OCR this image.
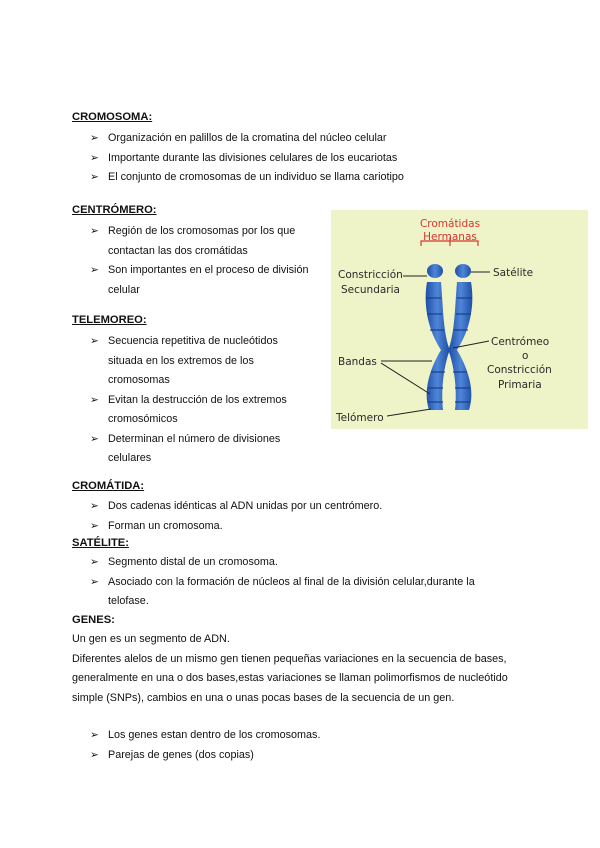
CROMOSOMA:
➢ Organización en palillos de la cromatina del núcleo celular
➢ Importante durante las divisiones celulares de los eucariotas
➢ El conjunto de cromosomas de un individuo se llama cariotipo
CENTRÓMERO:
➢ Región de los cromosomas por los que contactan las dos cromátidas
➢ Son importantes en el proceso de división celular
TELEMOREO:
➢ Secuencia repetitiva de nucleótidos situada en los extremos de los cromosomas
➢ Evitan la destrucción de los extremos cromosómicos
➢ Determinan el número de divisiones celulares
CROMÁTIDA:
➢ Dos cadenas idénticas al ADN unidas por un centrómero.
➢ Forman un cromosoma.
SATÉLITE:
➢ Segmento distal de un cromosoma.
➢ Asociado con la formación de núcleos al final de la división celular,durante la telofase.
GENES:
Un gen es un segmento de ADN.
Diferentes alelos de un mismo gen tienen pequeñas variaciones en la secuencia de bases, generalmente en una o dos bases,estas variaciones se llaman polimorfismos de nucleótido simple (SNPs), cambios en una o unas pocas bases de la secuencia de un gen.
➢ Los genes estan dentro de los cromosomas.
➢ Parejas de genes (dos copias)
Cromátidas
Hermanas
Constricción
Secundaria
Satélite
Centrómeo
o
Constricción
Primaria
Bandas
Telómero
